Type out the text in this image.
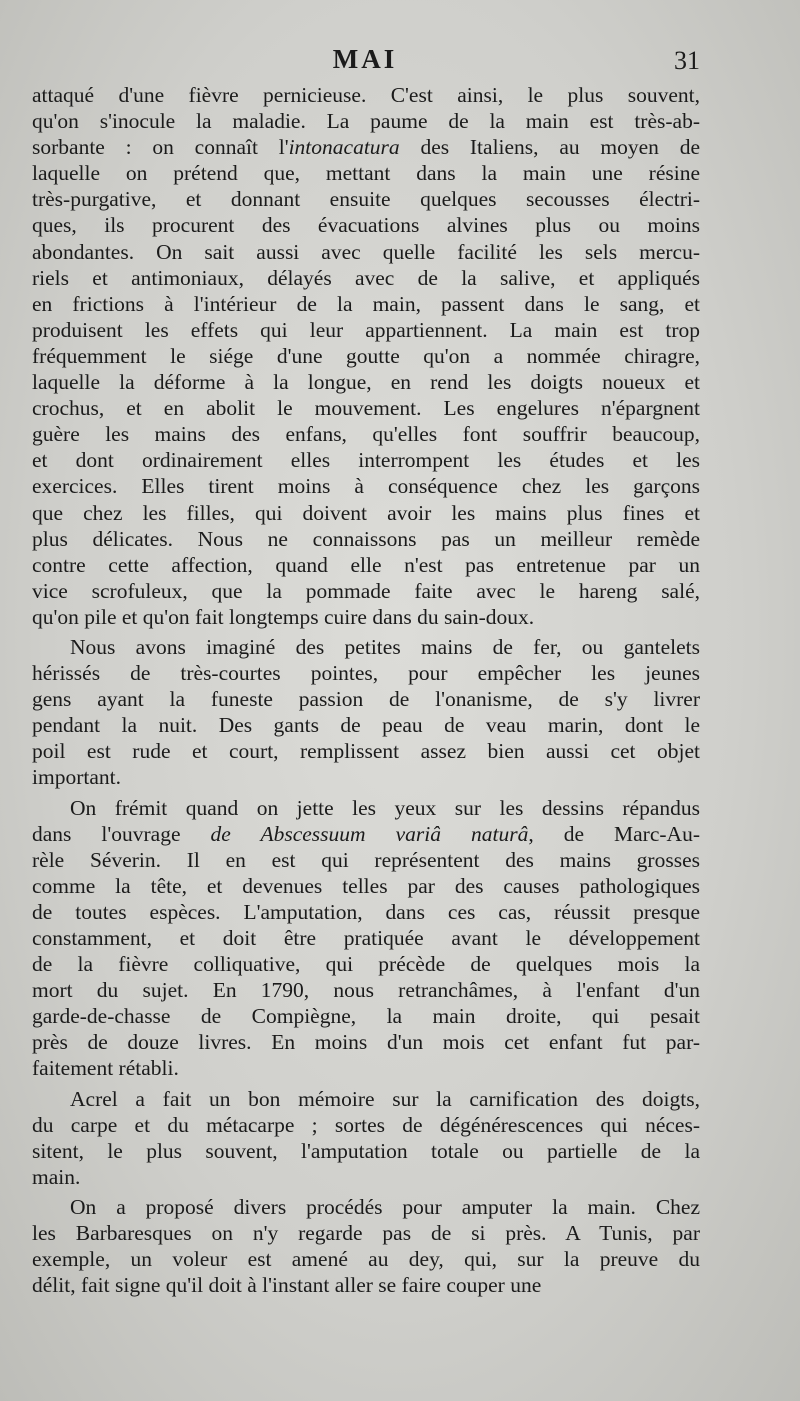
MAI	31
attaqué d'une fièvre pernicieuse. C'est ainsi, le plus souvent,
qu'on s'inocule la maladie. La paume de la main est très-ab-
sorbante : on connaît l'intonacatura des Italiens, au moyen de
laquelle on prétend que, mettant dans la main une résine
très-purgative, et donnant ensuite quelques secousses électri-
ques, ils procurent des évacuations alvines plus ou moins
abondantes. On sait aussi avec quelle facilité les sels mercu-
riels et antimoniaux, délayés avec de la salive, et appliqués
en frictions à l'intérieur de la main, passent dans le sang, et
produisent les effets qui leur appartiennent. La main est trop
fréquemment le siége d'une goutte qu'on a nommée chiragre,
laquelle la déforme à la longue, en rend les doigts noueux et
crochus, et en abolit le mouvement. Les engelures n'épargnent
guère les mains des enfans, qu'elles font souffrir beaucoup,
et dont ordinairement elles interrompent les études et les
exercices. Elles tirent moins à conséquence chez les garçons
que chez les filles, qui doivent avoir les mains plus fines et
plus délicates. Nous ne connaissons pas un meilleur remède
contre cette affection, quand elle n'est pas entretenue par un
vice scrofuleux, que la pommade faite avec le hareng salé,
qu'on pile et qu'on fait longtemps cuire dans du sain-doux.
Nous avons imaginé des petites mains de fer, ou gantelets
hérissés de très-courtes pointes, pour empêcher les jeunes
gens ayant la funeste passion de l'onanisme, de s'y livrer
pendant la nuit. Des gants de peau de veau marin, dont le
poil est rude et court, remplissent assez bien aussi cet objet
important.
On frémit quand on jette les yeux sur les dessins répandus
dans l'ouvrage de Abscessuum variâ naturâ, de Marc-Au-
rèle Séverin. Il en est qui représentent des mains grosses
comme la tête, et devenues telles par des causes pathologiques
de toutes espèces. L'amputation, dans ces cas, réussit presque
constamment, et doit être pratiquée avant le développement
de la fièvre colliquative, qui précède de quelques mois la
mort du sujet. En 1790, nous retranchâmes, à l'enfant d'un
garde-de-chasse de Compiègne, la main droite, qui pesait
près de douze livres. En moins d'un mois cet enfant fut par-
faitement rétabli.
Acrel a fait un bon mémoire sur la carnification des doigts,
du carpe et du métacarpe ; sortes de dégénérescences qui néces-
sitent, le plus souvent, l'amputation totale ou partielle de la
main.
On a proposé divers procédés pour amputer la main. Chez
les Barbaresques on n'y regarde pas de si près. A Tunis, par
exemple, un voleur est amené au dey, qui, sur la preuve du
délit, fait signe qu'il doit à l'instant aller se faire couper une
